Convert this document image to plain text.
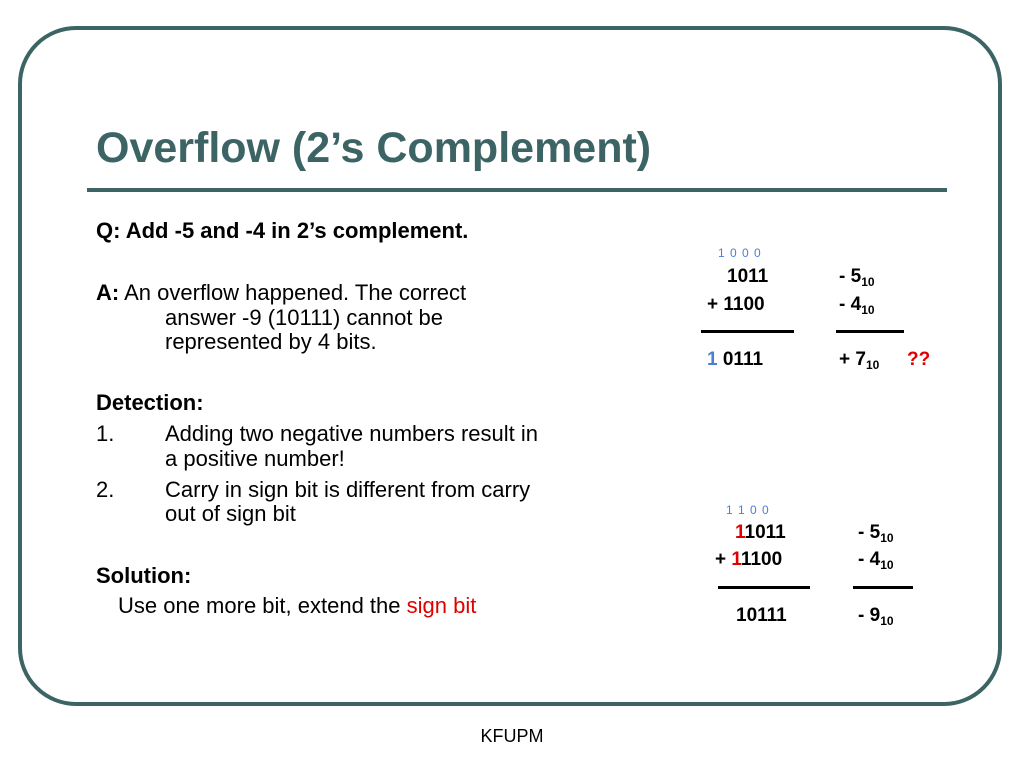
Overflow (2’s Complement)
Q: Add -5 and -4 in 2’s complement.
A: An overflow happened. The correct
answer -9 (10111) cannot be
represented by 4 bits.
Detection:
1. Adding two negative numbers result in
a positive number!
2. Carry in sign bit is different from carry
out of sign bit
Solution:
Use one more bit, extend the sign bit
1 0 0 0
1011
+ 1100
1 0111
- $5_{10}$
- $4_{10}$
+ $7_{10}$ ??
1 1 0 0
11011
+ 11100
10111
- $5_{10}$
- $4_{10}$
- $9_{10}$
KFUPM
